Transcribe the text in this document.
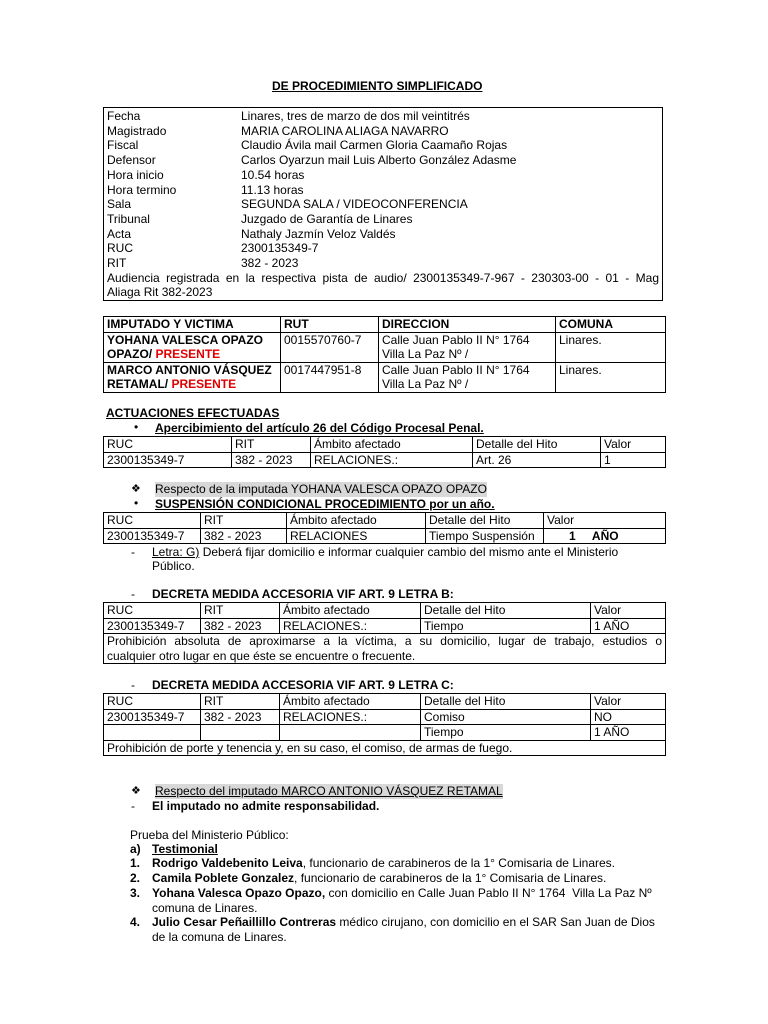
DE PROCEDIMIENTO SIMPLIFICADO
Fecha	Linares, tres de marzo de dos mil veintitrés
Magistrado	MARIA CAROLINA ALIAGA NAVARRO
Fiscal	Claudio Ávila mail Carmen Gloria Caamaño Rojas
Defensor	Carlos Oyarzun mail Luis Alberto González Adasme
Hora inicio	10.54 horas
Hora termino	11.13 horas
Sala	SEGUNDA SALA / VIDEOCONFERENCIA
Tribunal	Juzgado de Garantía de Linares
Acta	Nathaly Jazmín Veloz Valdés
RUC	2300135349-7
RIT	382 - 2023
Audiencia registrada en la respectiva pista de audio/ 2300135349-7-967 - 230303-00 - 01 - Mag
Aliaga Rit 382-2023
IMPUTADO Y VICTIMA	RUT	DIRECCION	COMUNA
YOHANA VALESCA OPAZO
OPAZO/ PRESENTE	0015570760-7	Calle Juan Pablo II N° 1764
Villa La Paz Nº /	Linares.
MARCO ANTONIO VÁSQUEZ
RETAMAL/ PRESENTE	0017447951-8	Calle Juan Pablo II N° 1764
Villa La Paz Nº /	Linares.
ACTUACIONES EFECTUADAS
• Apercibimiento del artículo 26 del Código Procesal Penal.
RUC	RIT	Ámbito afectado	Detalle del Hito	Valor
2300135349-7	382 - 2023	RELACIONES.:	Art. 26	1
❖ Respecto de la imputada YOHANA VALESCA OPAZO OPAZO
• SUSPENSIÓN CONDICIONAL PROCEDIMIENTO por un año.
RUC	RIT	Ámbito afectado	Detalle del Hito	Valor
2300135349-7	382 - 2023	RELACIONES	Tiempo Suspensión	1     AÑO
- Letra: G) Deberá fijar domicilio e informar cualquier cambio del mismo ante el Ministerio
Público.
- DECRETA MEDIDA ACCESORIA VIF ART. 9 LETRA B:
RUC	RIT	Ámbito afectado	Detalle del Hito	Valor
2300135349-7	382 - 2023	RELACIONES.:	Tiempo	1 AÑO

Prohibición absoluta de aproximarse a la víctima, a su domicilio, lugar de trabajo, estudios o
cualquier otro lugar en que éste se encuentre o frecuente.				
- DECRETA MEDIDA ACCESORIA VIF ART. 9 LETRA C:
RUC	RIT	Ámbito afectado	Detalle del Hito	Valor
2300135349-7	382 - 2023	RELACIONES.:	Comiso	NO
			Tiempo	1 AÑO
Prohibición de porte y tenencia y, en su caso, el comiso, de armas de fuego.				
❖ Respecto del imputado MARCO ANTONIO VÁSQUEZ RETAMAL
- El imputado no admite responsabilidad.
Prueba del Ministerio Público:
a) Testimonial
1. Rodrigo Valdebenito Leiva, funcionario de carabineros de la 1° Comisaria de Linares.
2. Camila Poblete Gonzalez, funcionario de carabineros de la 1° Comisaria de Linares.
3. Yohana Valesca Opazo Opazo, con domicilio en Calle Juan Pablo II N° 1764  Villa La Paz Nº
comuna de Linares.
4. Julio Cesar Peñaillillo Contreras médico cirujano, con domicilio en el SAR San Juan de Dios
de la comuna de Linares.
